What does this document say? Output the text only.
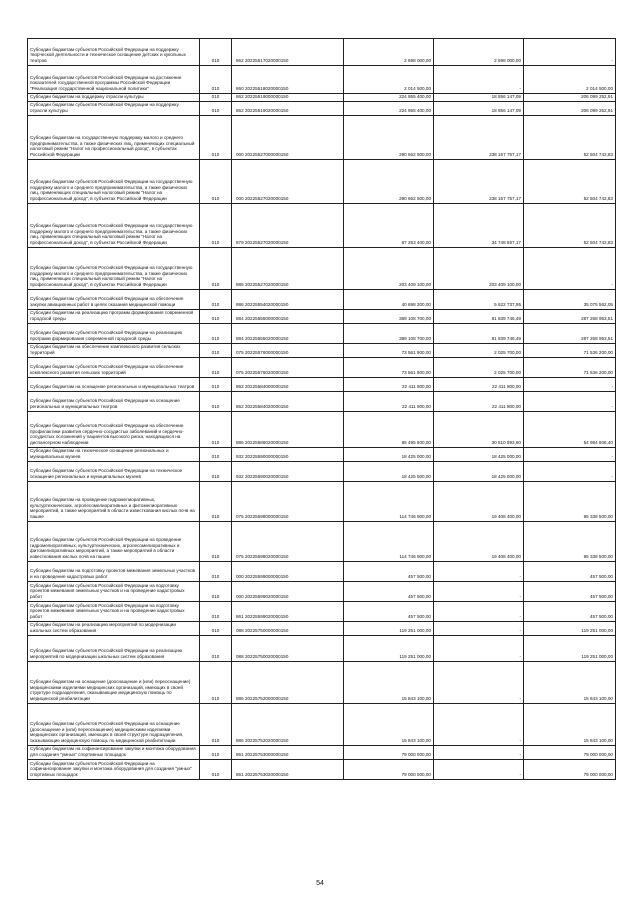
Субсидии бюджетам субъектов Российской Федерации на поддержку творческой деятельности и техническое оснащение детских и кукольных театров	010	862 20225517020000150	2 698 000,00	2 698 000,00	-
Субсидии бюджетам субъектов Российской Федерации на достижение показателей государственной программы Российской Федерации "Реализация государственной национальной политики"	010	860 20225518020000150	2 014 500,00	-	2 014 500,00
Субсидии бюджетам на поддержку отрасли культуры	010	862 20225519000000150	224 955 400,00	18 856 147,09	206 099 252,91
Субсидии бюджетам субъектов Российской Федерации на поддержку отрасли культуры	010	862 20225519020000150	224 955 400,00	18 856 147,09	206 099 252,91
Субсидии бюджетам на государственную поддержку малого и среднего предпринимательства, а также физических лиц, применяющих специальный налоговый режим "Налог на профессиональный доход", в субъектах Российской Федерации	010	000 20225527000000150	290 662 500,00	238 157 757,17	52 504 742,83
Субсидии бюджетам субъектов Российской Федерации на государственную поддержку малого и среднего предпринимательства, а также физических лиц, применяющих специальный налоговый режим "Налог на профессиональный доход", в субъектах Российской Федерации	010	000 20225527020000150	290 662 500,00	238 157 757,17	52 504 742,83
Субсидии бюджетам субъектов Российской Федерации на государственную поддержку малого и среднего предпринимательства, а также физических лиц, применяющих специальный налоговый режим "Налог на профессиональный доход", в субъектах Российской Федерации	010	879 20225527020000150	87 253 400,00	34 748 657,17	52 504 742,83
Субсидии бюджетам субъектов Российской Федерации на государственную поддержку малого и среднего предпринимательства, а также физических лиц, применяющих специальный налоговый режим "Налог на профессиональный доход", в субъектах Российской Федерации	010	885 20225527020000150	203 409 100,00	203 409 100,00	-
Субсидии бюджетам субъектов Российской Федерации на обеспечение закупки авиационных работ в целях оказания медицинской помощи	010	886 20225554020000150	40 698 300,00	5 622 737,95	35 075 562,05
Субсидии бюджетам на реализацию программ формирования современной городской среды	010	884 20225555000000150	369 108 700,00	81 839 746,49	287 268 953,51
Субсидии бюджетам субъектов Российской Федерации на реализацию программ формирования современной городской среды	010	884 20225555020000150	369 108 700,00	81 839 746,49	287 268 953,51
Субсидии бюджетам на обеспечение комплексного развития сельских территорий	010	075 20225576000000150	73 561 900,00	2 025 700,00	71 536 200,00
Субсидии бюджетам субъектов Российской Федерации на обеспечение комплексного развития сельских территорий	010	075 20225576020000150	73 561 900,00	2 025 700,00	71 536 200,00
Субсидии бюджетам на оснащение региональных и муниципальных театров	010	862 20225584000000150	22 411 800,00	22 411 800,00	-
Субсидии бюджетам субъектов Российской Федерации на оснащение региональных и муниципальных театров	010	862 20225584020000150	22 411 800,00	22 411 800,00	-
Субсидии бюджетам субъектов Российской Федерации на обеспечение профилактики развития сердечно-сосудистых заболеваний и сердечно-сосудистых осложнений у пациентов высокого риска, находящихся на диспансерном наблюдении	010	886 20225586020000150	85 495 600,00	30 510 993,60	54 984 606,40
Субсидии бюджетам на техническое оснащение региональных и муниципальных музеев	010	932 20225590000000150	18 425 000,00	18 425 000,00	-
Субсидии бюджетам субъектов Российской Федерации на техническое оснащение региональных и муниципальных музеев	010	932 20225590020000150	18 425 000,00	18 425 000,00	-
Субсидии бюджетам на проведение гидромелиоративных, культуртехнических, агролесомелиоративных и фитомелиоративных мероприятий, а также мероприятий в области известкования кислых почв на пашне	010	075 20225598000000150	114 746 900,00	19 408 400,00	95 338 500,00
Субсидии бюджетам субъектов Российской Федерации на проведение гидромелиоративных, культуртехнических, агролесомелиоративных и фитомелиоративных мероприятий, а также мероприятий в области известкования кислых почв на пашне	010	075 20225598020000150	114 746 900,00	19 408 400,00	95 338 500,00
Субсидии бюджетам на подготовку проектов межевания земельных участков и на проведение кадастровых работ	010	000 20225599000000150	457 500,00	-	457 500,00
Субсидии бюджетам субъектов Российской Федерации на подготовку проектов межевания земельных участков и на проведение кадастровых работ	010	000 20225599020000150	457 500,00	-	457 500,00
Субсидии бюджетам субъектов Российской Федерации на подготовку проектов межевания земельных участков и на проведение кадастровых работ	010	861 20225599020000150	457 500,00	-	457 500,00
Субсидии бюджетам на реализацию мероприятий по модернизации школьных систем образования	010	088 20225750000000150	119 251 000,00	-	119 251 000,00
Субсидии бюджетам субъектов Российской Федерации на реализацию мероприятий по модернизации школьных систем образования	010	088 20225750020000150	119 251 000,00	-	119 251 000,00
Субсидии бюджетам на оснащение (дооснащение и (или) переоснащение) медицинскими изделиями медицинских организаций, имеющих в своей структуре подразделения, оказывающие медицинскую помощь по медицинской реабилитации	010	886 20225752000000150	15 843 100,00	-	15 843 100,00
Субсидии бюджетам субъектов Российской Федерации на оснащение (дооснащение и (или) переоснащение) медицинскими изделиями медицинских организаций, имеющих в своей структуре подразделения, оказывающие медицинскую помощь по медицинской реабилитации	010	886 20225752020000150	15 843 100,00	-	15 843 100,00
Субсидии бюджетам на софинансирование закупки и монтажа оборудования для создания "умных" спортивных площадок	010	861 20225753000000150	79 000 000,00	-	79 000 000,00
Субсидии бюджетам субъектов Российской Федерации на софинансирование закупки и монтажа оборудования для создания "умных" спортивных площадок	010	861 20225753020000150	79 000 000,00	-	79 000 000,00
54
